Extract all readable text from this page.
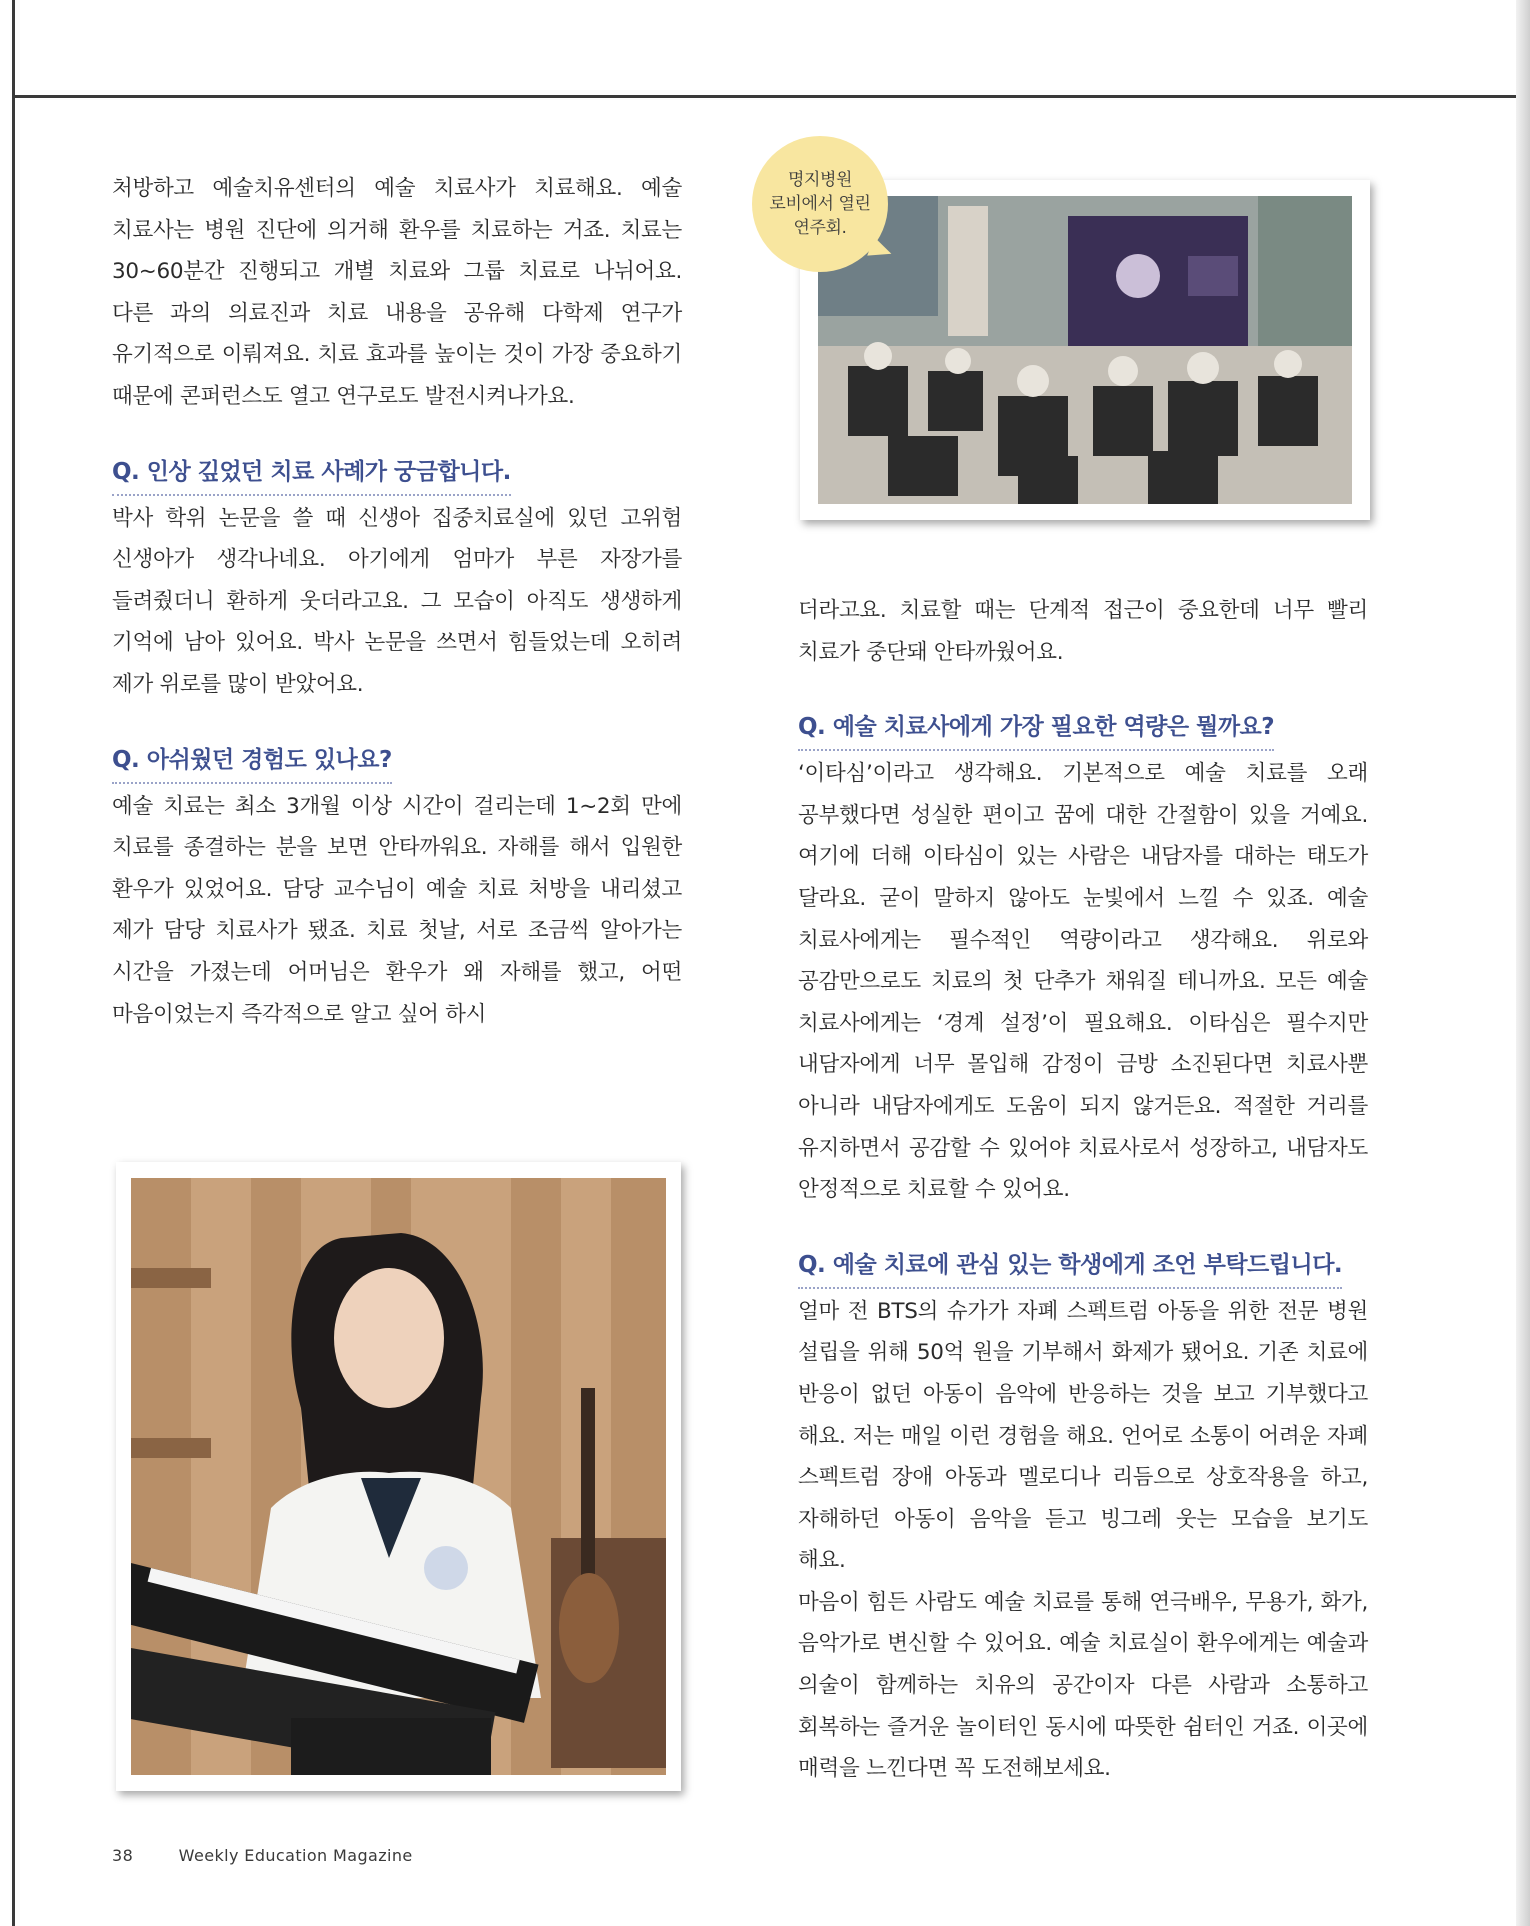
처방하고 예술치유센터의 예술 치료사가 치료해요. 예술 치료사는 병원 진단에 의거해 환우를 치료하는 거죠. 치료는 30~60분간 진행되고 개별 치료와 그룹 치료로 나뉘어요. 다른 과의 의료진과 치료 내용을 공유해 다학제 연구가 유기적으로 이뤄져요. 치료 효과를 높이는 것이 가장 중요하기 때문에 콘퍼런스도 열고 연구로도 발전시켜나가요.

Q. 인상 깊었던 치료 사례가 궁금합니다.

박사 학위 논문을 쓸 때 신생아 집중치료실에 있던 고위험 신생아가 생각나네요. 아기에게 엄마가 부른 자장가를 들려줬더니 환하게 웃더라고요. 그 모습이 아직도 생생하게 기억에 남아 있어요. 박사 논문을 쓰면서 힘들었는데 오히려 제가 위로를 많이 받았어요.

Q. 아쉬웠던 경험도 있나요?

예술 치료는 최소 3개월 이상 시간이 걸리는데 1~2회 만에 치료를 종결하는 분을 보면 안타까워요. 자해를 해서 입원한 환우가 있었어요. 담당 교수님이 예술 치료 처방을 내리셨고 제가 담당 치료사가 됐죠. 치료 첫날, 서로 조금씩 알아가는 시간을 가졌는데 어머님은 환우가 왜 자해를 했고, 어떤 마음이었는지 즉각적으로 알고 싶어 하시

명지병원
로비에서 열린
연주회.

더라고요. 치료할 때는 단계적 접근이 중요한데 너무 빨리 치료가 중단돼 안타까웠어요.

Q. 예술 치료사에게 가장 필요한 역량은 뭘까요?

‘이타심’이라고 생각해요. 기본적으로 예술 치료를 오래 공부했다면 성실한 편이고 꿈에 대한 간절함이 있을 거예요. 여기에 더해 이타심이 있는 사람은 내담자를 대하는 태도가 달라요. 굳이 말하지 않아도 눈빛에서 느낄 수 있죠. 예술 치료사에게는 필수적인 역량이라고 생각해요. 위로와 공감만으로도 치료의 첫 단추가 채워질 테니까요. 모든 예술 치료사에게는 ‘경계 설정’이 필요해요. 이타심은 필수지만 내담자에게 너무 몰입해 감정이 금방 소진된다면 치료사뿐 아니라 내담자에게도 도움이 되지 않거든요. 적절한 거리를 유지하면서 공감할 수 있어야 치료사로서 성장하고, 내담자도 안정적으로 치료할 수 있어요.

Q. 예술 치료에 관심 있는 학생에게 조언 부탁드립니다.

얼마 전 BTS의 슈가가 자폐 스펙트럼 아동을 위한 전문 병원 설립을 위해 50억 원을 기부해서 화제가 됐어요. 기존 치료에 반응이 없던 아동이 음악에 반응하는 것을 보고 기부했다고 해요. 저는 매일 이런 경험을 해요. 언어로 소통이 어려운 자폐 스펙트럼 장애 아동과 멜로디나 리듬으로 상호작용을 하고, 자해하던 아동이 음악을 듣고 빙그레 웃는 모습을 보기도 해요.

마음이 힘든 사람도 예술 치료를 통해 연극배우, 무용가, 화가, 음악가로 변신할 수 있어요. 예술 치료실이 환우에게는 예술과 의술이 함께하는 치유의 공간이자 다른 사람과 소통하고 회복하는 즐거운 놀이터인 동시에 따뜻한 쉼터인 거죠. 이곳에 매력을 느낀다면 꼭 도전해보세요.

38	Weekly Education Magazine
